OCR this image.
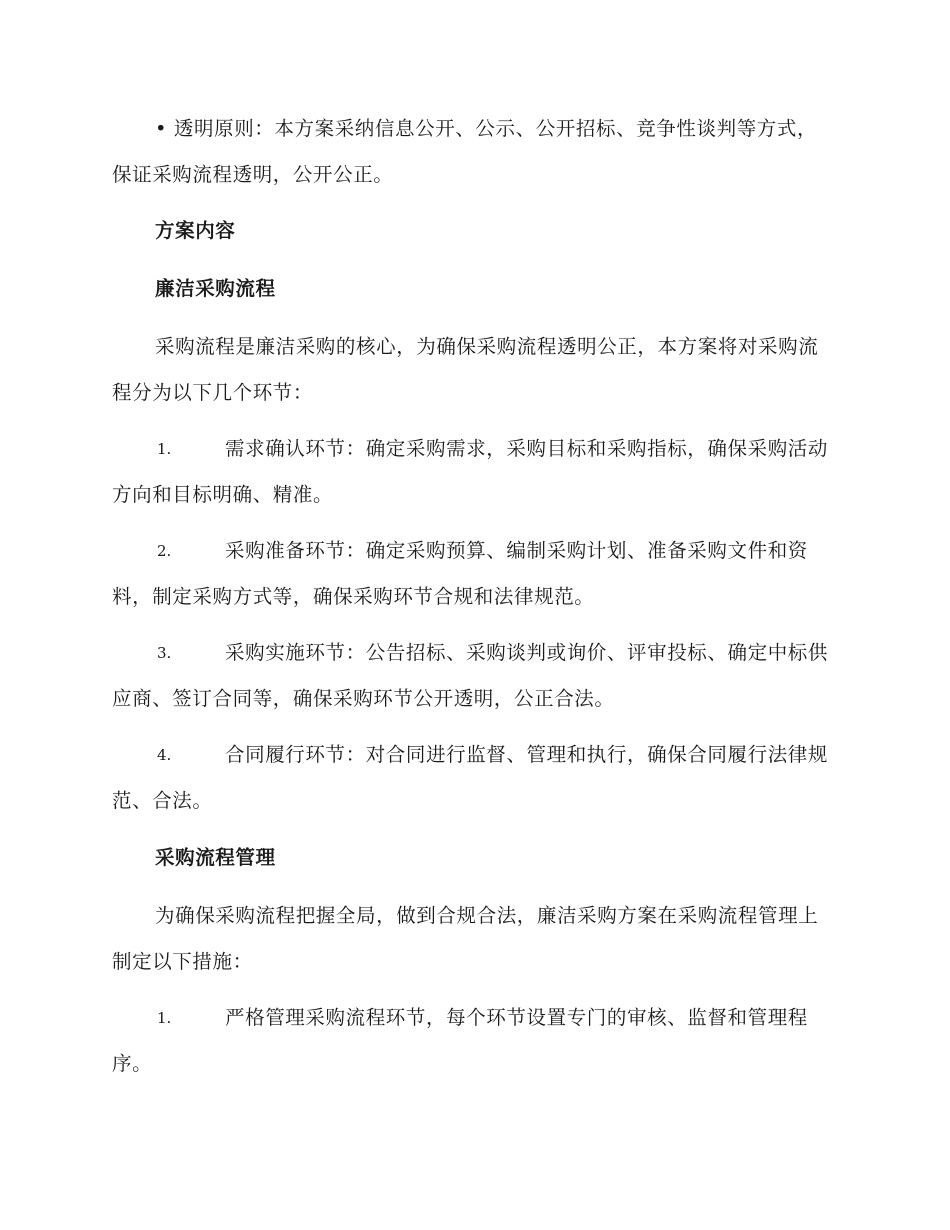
• 透明原则：本方案采纳信息公开、公示、公开招标、竞争性谈判等方式，保证采购流程透明，公开公正。

方案内容

廉洁采购流程

采购流程是廉洁采购的核心，为确保采购流程透明公正，本方案将对采购流程分为以下几个环节：

1.	需求确认环节：确定采购需求，采购目标和采购指标，确保采购活动方向和目标明确、精准。
2.	采购准备环节：确定采购预算、编制采购计划、准备采购文件和资料，制定采购方式等，确保采购环节合规和法律规范。
3.	采购实施环节：公告招标、采购谈判或询价、评审投标、确定中标供应商、签订合同等，确保采购环节公开透明，公正合法。
4.	合同履行环节：对合同进行监督、管理和执行，确保合同履行法律规范、合法。

采购流程管理

为确保采购流程把握全局，做到合规合法，廉洁采购方案在采购流程管理上制定以下措施：

1.	严格管理采购流程环节，每个环节设置专门的审核、监督和管理程序。
